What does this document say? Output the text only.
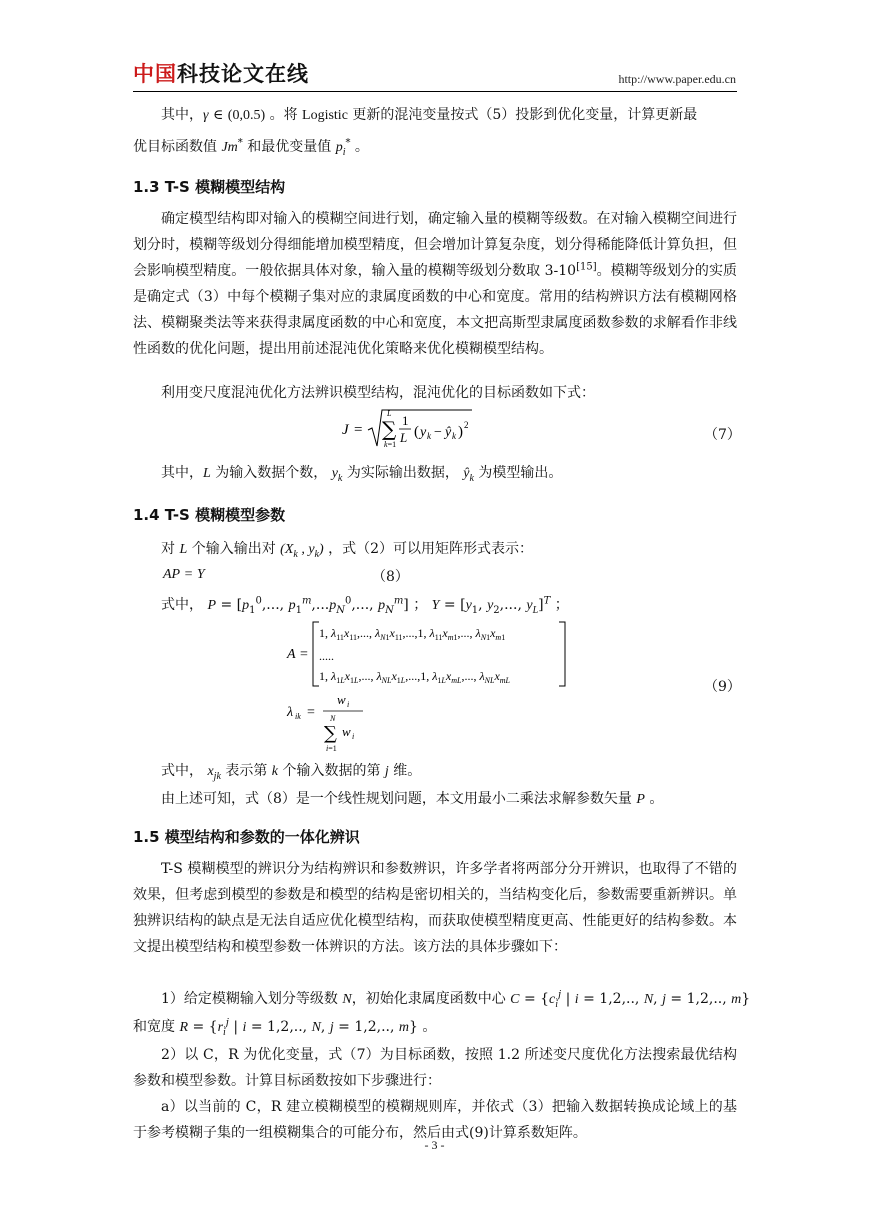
中国科技论文在线	http://www.paper.edu.cn
其中，γ ∈ (0,0.5) 。将 Logistic 更新的混沌变量按式（5）投影到优化变量，计算更新最
优目标函数值 Jm* 和最优变量值 $p_i^*$ 。
1.3 T-S 模糊模型结构
确定模型结构即对输入的模糊空间进行划，确定输入量的模糊等级数。在对输入模糊空间进行划分时，模糊等级划分得细能增加模型精度，但会增加计算复杂度，划分得稀能降低计算负担，但会影响模型精度。一般依据具体对象，输入量的模糊等级划分数取 3-10[15]。模糊等级划分的实质是确定式（3）中每个模糊子集对应的隶属度函数的中心和宽度。常用的结构辨识方法有模糊网格法、模糊聚类法等来获得隶属度函数的中心和宽度，本文把高斯型隶属度函数参数的求解看作非线性函数的优化问题，提出用前述混沌优化策略来优化模糊模型结构。
利用变尺度混沌优化方法辨识模型结构，混沌优化的目标函数如下式：
J =
L
∑
k=1
1
L ( y k − ŷ k ) 2
（7）
其中，L 为输入数据个数， $y_k$ 为实际输出数据， $ŷ_k$ 为模型输出。
1.4 T-S 模糊模型参数
对 L 个输入输出对 ($X_k$ , $y_k$) ，式（2）可以用矩阵形式表示：
AP = Y	（8）
式中， $P = [p_1^0$,..., $p_1^m,...p_N^0$,..., $p_N^m$] ； $Y = [y_1$, $y_2$,..., $y_L]^T$ ；
A =
1, $\lambda_{11}x_{11}$,..., $\lambda_N1x_{11},...,1$, $\lambda_{11}x_m1$,..., $\lambda_N1x_m1$
.....
1, $\lambda_1Lx_1L$,..., $\lambda_{NL}x_1L,...,1$, $\lambda_1Lx_{mL}$,..., $\lambda_{NL}x_{mL}$
λ ik =
w i
N
∑
i=1
w i
（9）
式中， $x_{jk}$ 表示第 k 个输入数据的第 j 维。
由上述可知，式（8）是一个线性规划问题，本文用最小二乘法求解参数矢量 P 。
1.5 模型结构和参数的一体化辨识
T-S 模糊模型的辨识分为结构辨识和参数辨识，许多学者将两部分分开辨识，也取得了不错的效果，但考虑到模型的参数是和模型的结构是密切相关的，当结构变化后，参数需要重新辨识。单独辨识结构的缺点是无法自适应优化模型结构，而获取使模型精度更高、性能更好的结构参数。本文提出模型结构和模型参数一体辨识的方法。该方法的具体步骤如下：
1）给定模糊输入划分等级数 N，初始化隶属度函数中心 $C = \{c_i^j$ | i = 1,2,.., N, j = 1,2,.., m}
和宽度 $R = \{r_i^j$ | i = 1,2,.., N, j = 1,2,.., m} 。
2）以 C，R 为优化变量，式（7）为目标函数，按照 1.2 所述变尺度优化方法搜索最优结构参数和模型参数。计算目标函数按如下步骤进行：
a）以当前的 C，R 建立模糊模型的模糊规则库，并依式（3）把输入数据转换成论域上的基于参考模糊子集的一组模糊集合的可能分布，然后由式(9)计算系数矩阵。
- 3 -
